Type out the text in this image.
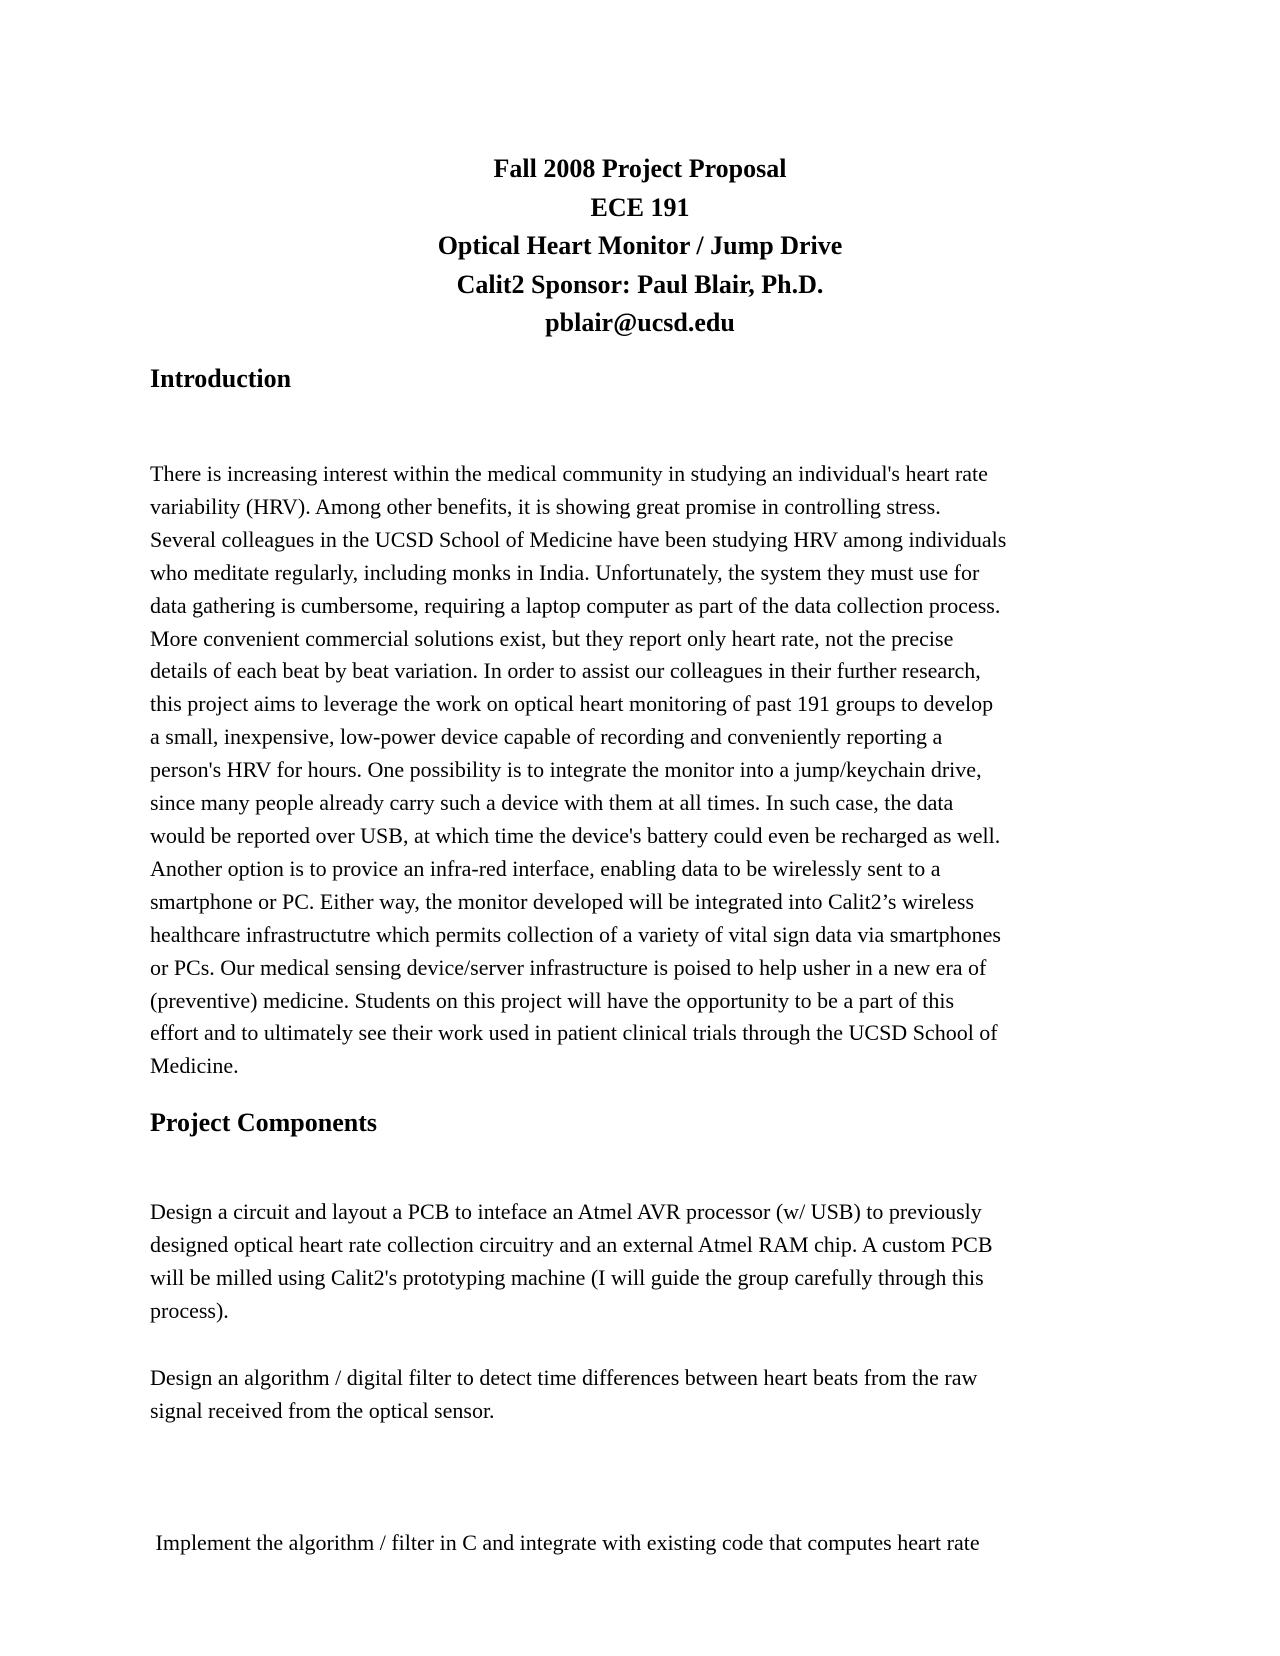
Fall 2008 Project Proposal
ECE 191
Optical Heart Monitor / Jump Drive
Calit2 Sponsor: Paul Blair, Ph.D.
pblair@ucsd.edu
Introduction

There is increasing interest within the medical community in studying an individual's heart rate
variability (HRV). Among other benefits, it is showing great promise in controlling stress.
Several colleagues in the UCSD School of Medicine have been studying HRV among individuals
who meditate regularly, including monks in India. Unfortunately, the system they must use for
data gathering is cumbersome, requiring a laptop computer as part of the data collection process.
More convenient commercial solutions exist, but they report only heart rate, not the precise
details of each beat by beat variation. In order to assist our colleagues in their further research,
this project aims to leverage the work on optical heart monitoring of past 191 groups to develop
a small, inexpensive, low-power device capable of recording and conveniently reporting a
person's HRV for hours. One possibility is to integrate the monitor into a jump/keychain drive,
since many people already carry such a device with them at all times. In such case, the data
would be reported over USB, at which time the device's battery could even be recharged as well.
Another option is to provice an infra-red interface, enabling data to be wirelessly sent to a
smartphone or PC. Either way, the monitor developed will be integrated into Calit2’s wireless
healthcare infrastructutre which permits collection of a variety of vital sign data via smartphones
or PCs. Our medical sensing device/server infrastructure is poised to help usher in a new era of
(preventive) medicine. Students on this project will have the opportunity to be a part of this
effort and to ultimately see their work used in patient clinical trials through the UCSD School of
Medicine.

Project Components

Design a circuit and layout a PCB to inteface an Atmel AVR processor (w/ USB) to previously
designed optical heart rate collection circuitry and an external Atmel RAM chip. A custom PCB
will be milled using Calit2's prototyping machine (I will guide the group carefully through this
process).

Design an algorithm / digital filter to detect time differences between heart beats from the raw
signal received from the optical sensor.

Implement the algorithm / filter in C and integrate with existing code that computes heart rate
